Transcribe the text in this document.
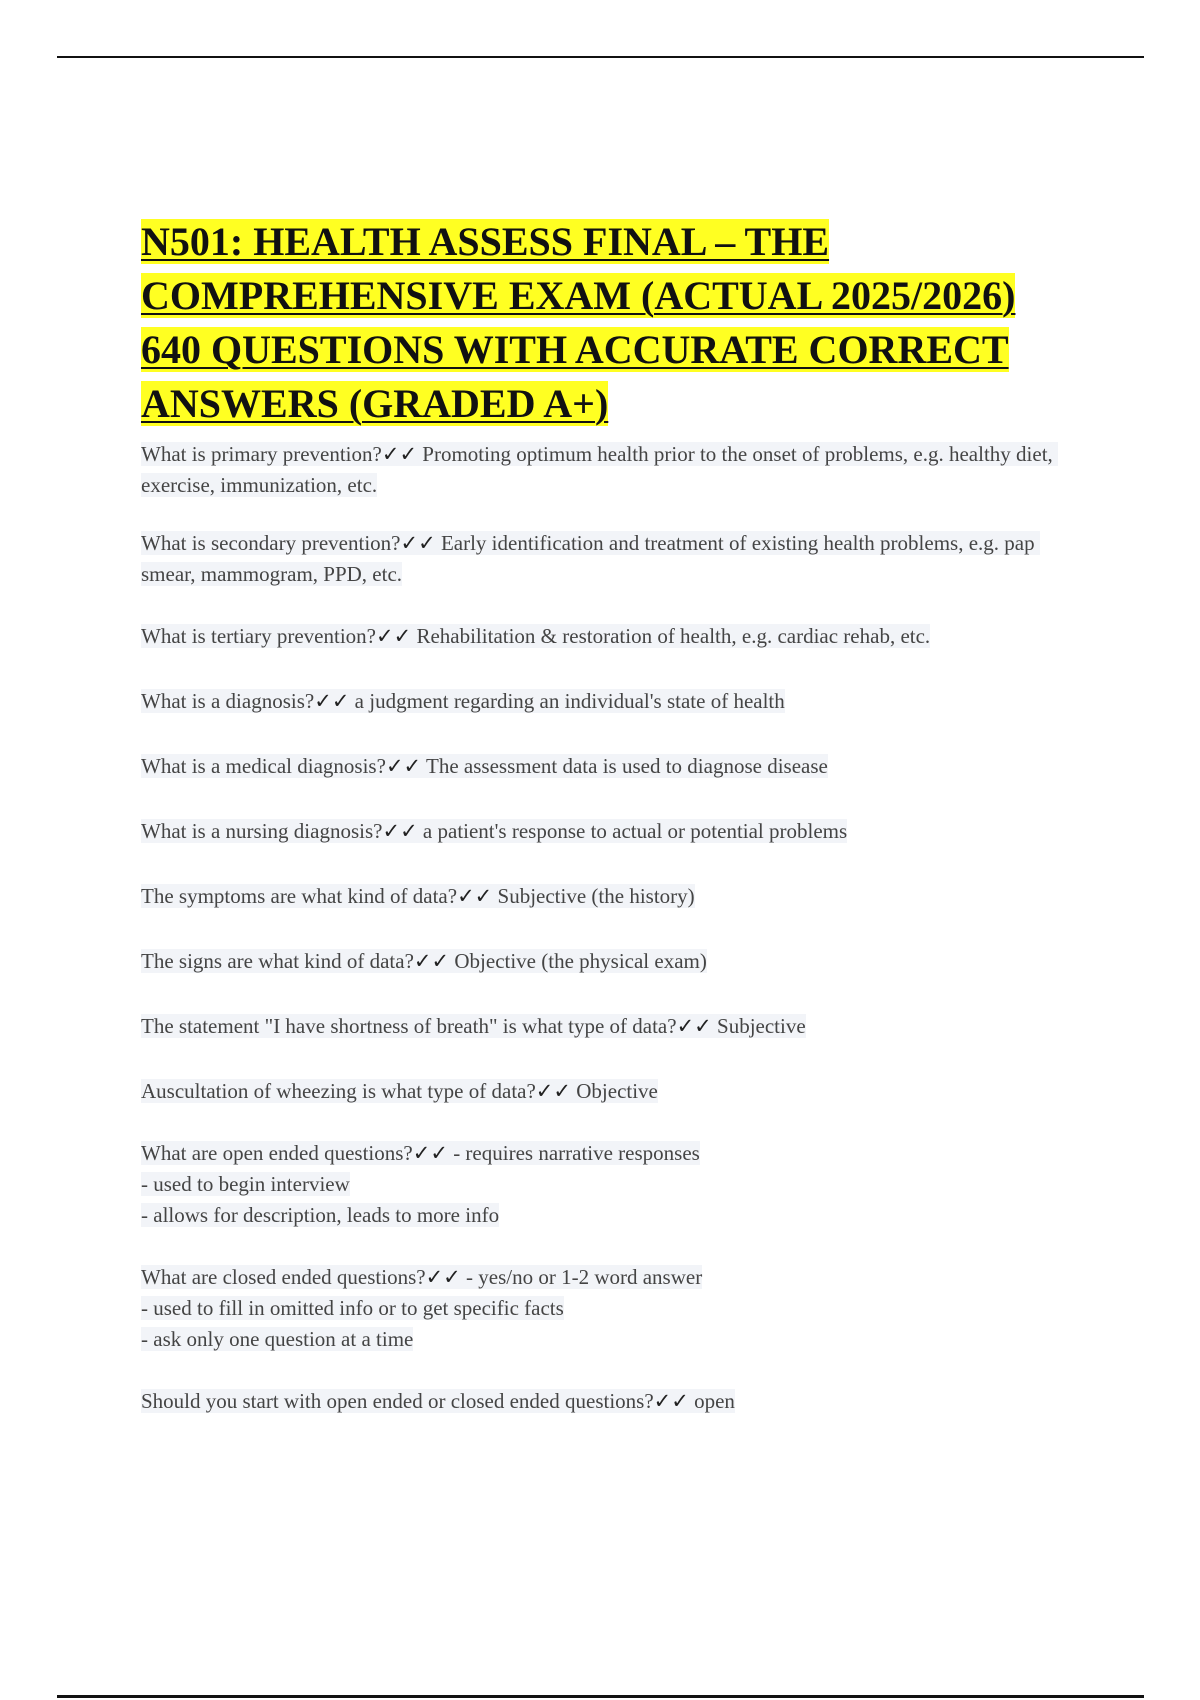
N501: HEALTH ASSESS FINAL – THE COMPREHENSIVE EXAM (ACTUAL 2025/2026) 640 QUESTIONS WITH ACCURATE CORRECT ANSWERS (GRADED A+)
What is primary prevention?✓✓ Promoting optimum health prior to the onset of problems, e.g. healthy diet, exercise, immunization, etc.
What is secondary prevention?✓✓ Early identification and treatment of existing health problems, e.g. pap smear, mammogram, PPD, etc.
What is tertiary prevention?✓✓ Rehabilitation & restoration of health, e.g. cardiac rehab, etc.
What is a diagnosis?✓✓ a judgment regarding an individual's state of health
What is a medical diagnosis?✓✓ The assessment data is used to diagnose disease
What is a nursing diagnosis?✓✓ a patient's response to actual or potential problems
The symptoms are what kind of data?✓✓ Subjective (the history)
The signs are what kind of data?✓✓ Objective (the physical exam)
The statement "I have shortness of breath" is what type of data?✓✓ Subjective
Auscultation of wheezing is what type of data?✓✓ Objective
What are open ended questions?✓✓ - requires narrative responses
- used to begin interview
- allows for description, leads to more info
What are closed ended questions?✓✓ - yes/no or 1-2 word answer
- used to fill in omitted info or to get specific facts
- ask only one question at a time
Should you start with open ended or closed ended questions?✓✓ open
